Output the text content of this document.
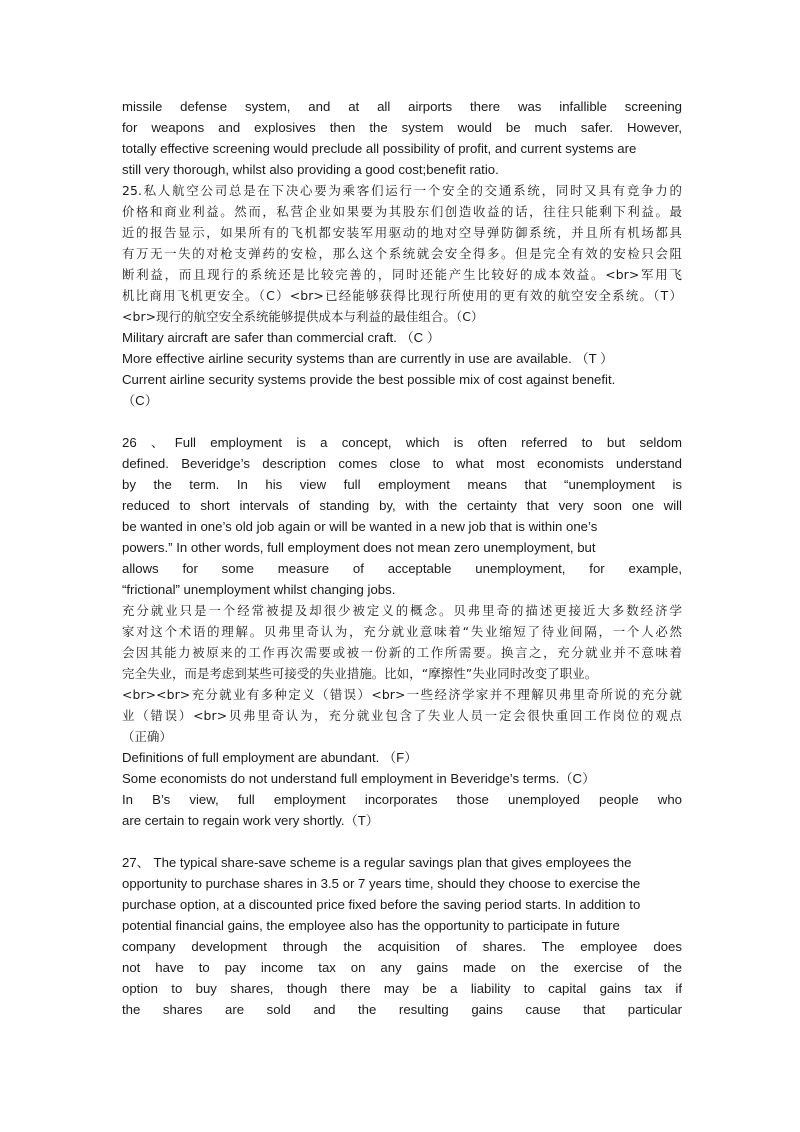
missile defense system, and at all airports there was infallible screening
for weapons and explosives then the system would be much safer. However,
totally effective screening would preclude all possibility of profit, and current systems are
still very thorough, whilst also providing a good cost;benefit ratio.
25.私人航空公司总是在下决心要为乘客们运行一个安全的交通系统，同时又具有竞争力的
价格和商业利益。然而，私营企业如果要为其股东们创造收益的话，往往只能剩下利益。最
近的报告显示，如果所有的飞机都安装军用驱动的地对空导弹防御系统，并且所有机场都具
有万无一失的对枪支弹药的安检，那么这个系统就会安全得多。但是完全有效的安检只会阻
断利益，而且现行的系统还是比较完善的，同时还能产生比较好的成本效益。<br>军用飞
机比商用飞机更安全。（C）<br>已经能够获得比现行所使用的更有效的航空安全系统。（T）
<br>现行的航空安全系统能够提供成本与利益的最佳组合。（C）
Military aircraft are safer than commercial craft. （C ）
More effective airline security systems than are currently in use are available. （T ）
Current airline security systems provide the best possible mix of cost against benefit.
（C）
26 、Full employment is a concept, which is often referred to but seldom
defined. Beveridge’s description comes close to what most economists understand
by the term. In his view full employment means that “unemployment is
reduced to short intervals of standing by, with the certainty that very soon one will
be wanted in one’s old job again or will be wanted in a new job that is within one’s
powers.” In other words, full employment does not mean zero unemployment, but
allows for some measure of acceptable unemployment, for example,
“frictional” unemployment whilst changing jobs.
充分就业只是一个经常被提及却很少被定义的概念。贝弗里奇的描述更接近大多数经济学
家对这个术语的理解。贝弗里奇认为，充分就业意味着“失业缩短了待业间隔，一个人必然
会因其能力被原来的工作再次需要或被一份新的工作所需要。换言之，充分就业并不意味着
完全失业，而是考虑到某些可接受的失业措施。比如，“摩擦性”失业同时改变了职业。
<br><br>充分就业有多种定义（错误）<br>一些经济学家并不理解贝弗里奇所说的充分就
业（错误）<br>贝弗里奇认为，充分就业包含了失业人员一定会很快重回工作岗位的观点
（正确）
Definitions of full employment are abundant. （F）
Some economists do not understand full employment in Beveridge’s terms.（C）
In B’s view, full employment incorporates those unemployed people who
are certain to regain work very shortly.（T）
27、 The typical share-save scheme is a regular savings plan that gives employees the
opportunity to purchase shares in 3.5 or 7 years time, should they choose to exercise the
purchase option, at a discounted price fixed before the saving period starts. In addition to
potential financial gains, the employee also has the opportunity to participate in future
company development through the acquisition of shares. The employee does
not have to pay income tax on any gains made on the exercise of the
option to buy shares, though there may be a liability to capital gains tax if
the shares are sold and the resulting gains cause that particular
